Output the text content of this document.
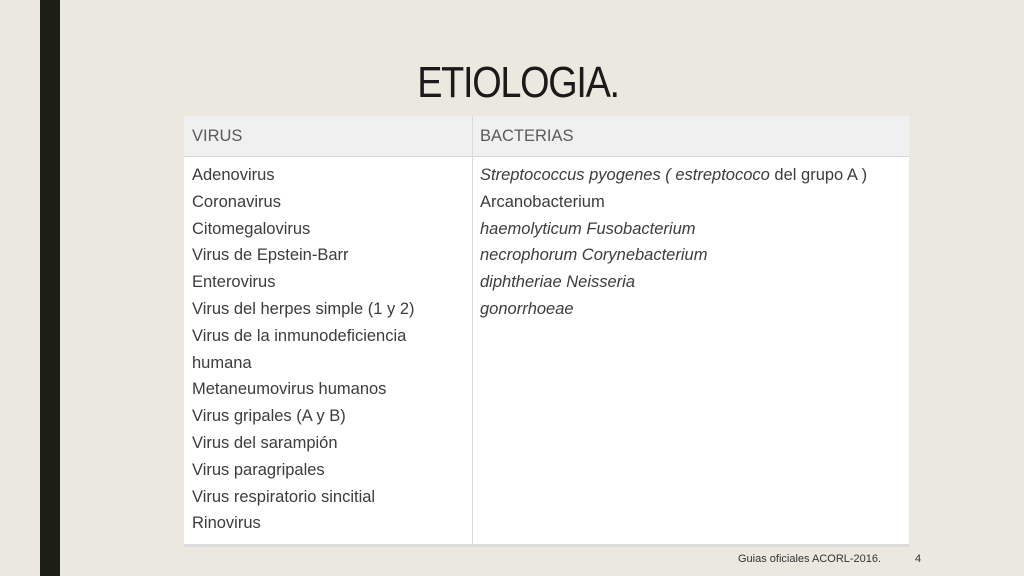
ETIOLOGIA.
VIRUS	BACTERIAS
Adenovirus
Coronavirus
Citomegalovirus
Virus de Epstein-Barr
Enterovirus
Virus del herpes simple (1 y 2)
Virus de la inmunodeficiencia
humana
Metaneumovirus humanos
Virus gripales (A y B)
Virus del sarampión
Virus paragripales
Virus respiratorio sincitial
Rinovirus
Streptococcus pyogenes ( estreptococo del grupo A )
Arcanobacterium
haemolyticum Fusobacterium
necrophorum Corynebacterium
diphtheriae Neisseria
gonorrhoeae
Guias oficiales ACORL-2016.	4
